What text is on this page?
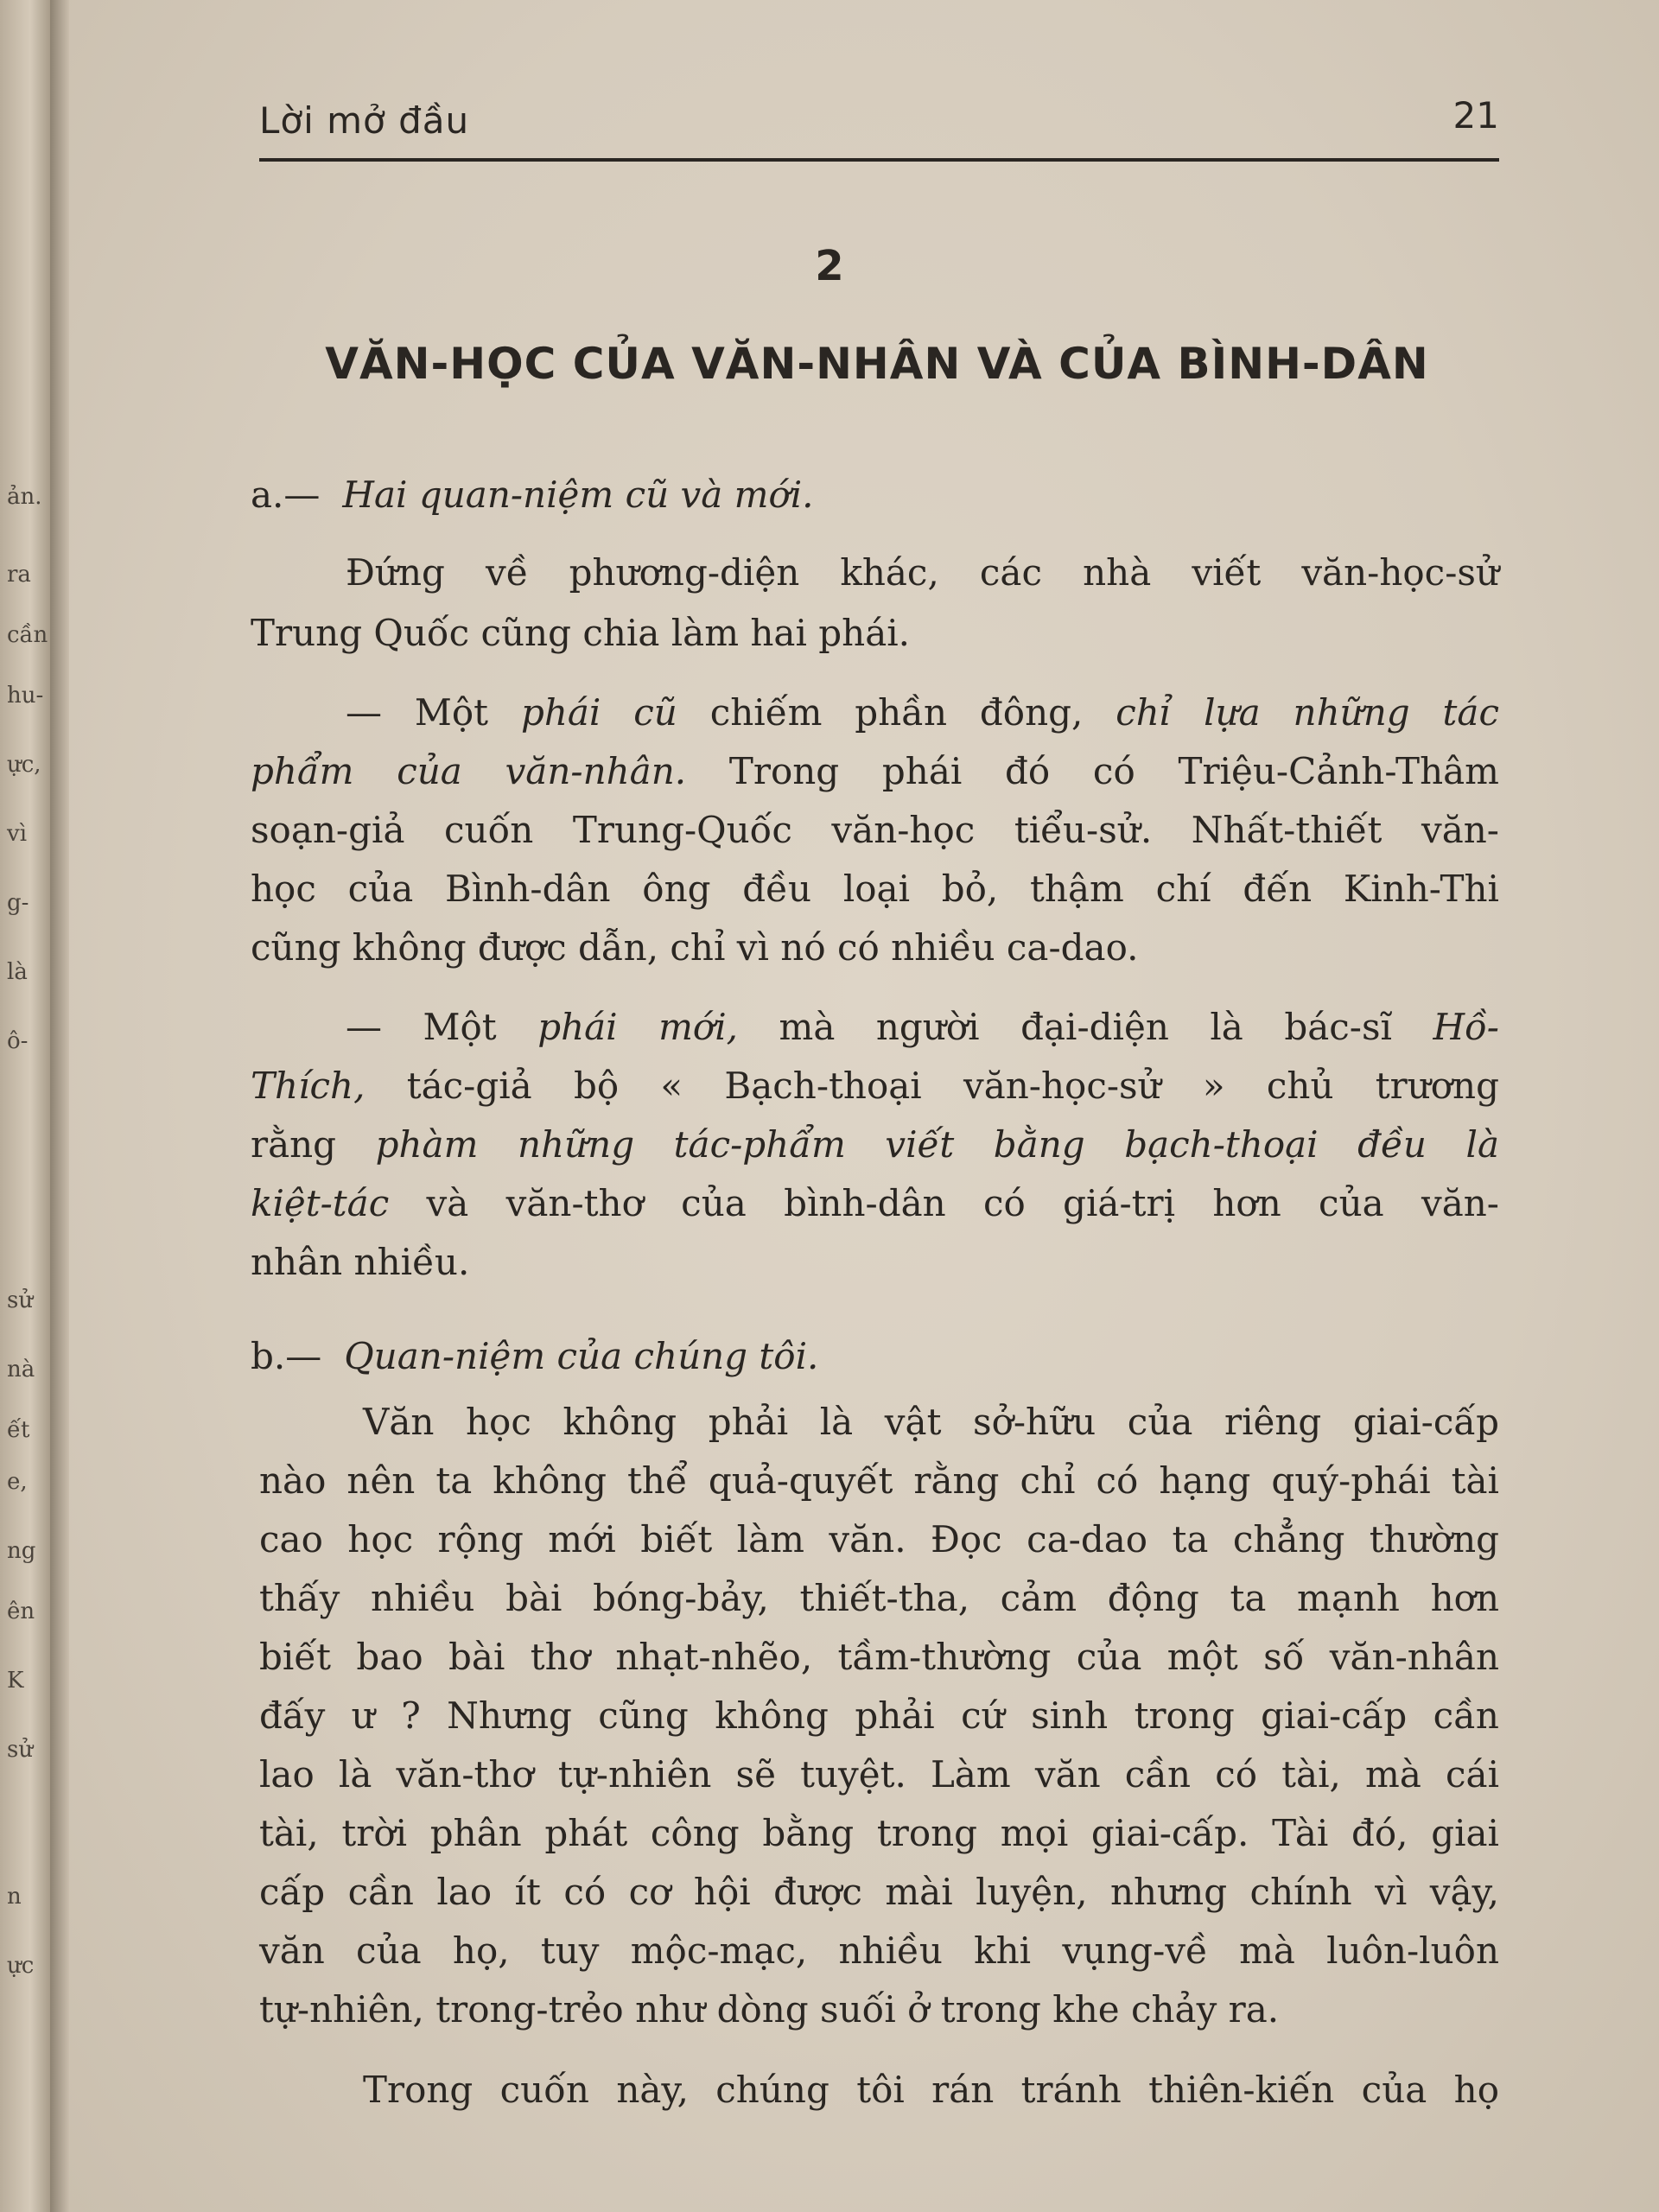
ản.
ra
cần
hu-
ực,
vì
g-
là
ô-
sử
nà
ết
e,
ng
ên
K
sử
n
ực
Lời mở đầu	21
2
VĂN-HỌC CỦA VĂN-NHÂN VÀ CỦA BÌNH-DÂN
a.— Hai quan-niệm cũ và mới.
Đứng về phương-diện khác, các nhà viết văn-học-sử
Trung Quốc cũng chia làm hai phái.
— Một phái cũ chiếm phần đông, chỉ lựa những tác
phẩm của văn-nhân. Trong phái đó có Triệu-Cảnh-Thâm
soạn-giả cuốn Trung-Quốc văn-học tiểu-sử. Nhất-thiết văn-
học của Bình-dân ông đều loại bỏ, thậm chí đến Kinh-Thi
cũng không được dẫn, chỉ vì nó có nhiều ca-dao.
— Một phái mới, mà người đại-diện là bác-sĩ Hồ-
Thích, tác-giả bộ « Bạch-thoại văn-học-sử » chủ trương
rằng phàm những tác-phẩm viết bằng bạch-thoại đều là
kiệt-tác và văn-thơ của bình-dân có giá-trị hơn của văn-
nhân nhiều.
b.— Quan-niệm của chúng tôi.
Văn học không phải là vật sở-hữu của riêng giai-cấp
nào nên ta không thể quả-quyết rằng chỉ có hạng quý-phái tài
cao học rộng mới biết làm văn. Đọc ca-dao ta chẳng thường
thấy nhiều bài bóng-bảy, thiết-tha, cảm động ta mạnh hơn
biết bao bài thơ nhạt-nhẽo, tầm-thường của một số văn-nhân
đấy ư ? Nhưng cũng không phải cứ sinh trong giai-cấp cần
lao là văn-thơ tự-nhiên sẽ tuyệt. Làm văn cần có tài, mà cái
tài, trời phân phát công bằng trong mọi giai-cấp. Tài đó, giai
cấp cần lao ít có cơ hội được mài luyện, nhưng chính vì vậy,
văn của họ, tuy mộc-mạc, nhiều khi vụng-về mà luôn-luôn
tự-nhiên, trong-trẻo như dòng suối ở trong khe chảy ra.
Trong cuốn này, chúng tôi rán tránh thiên-kiến của họ
